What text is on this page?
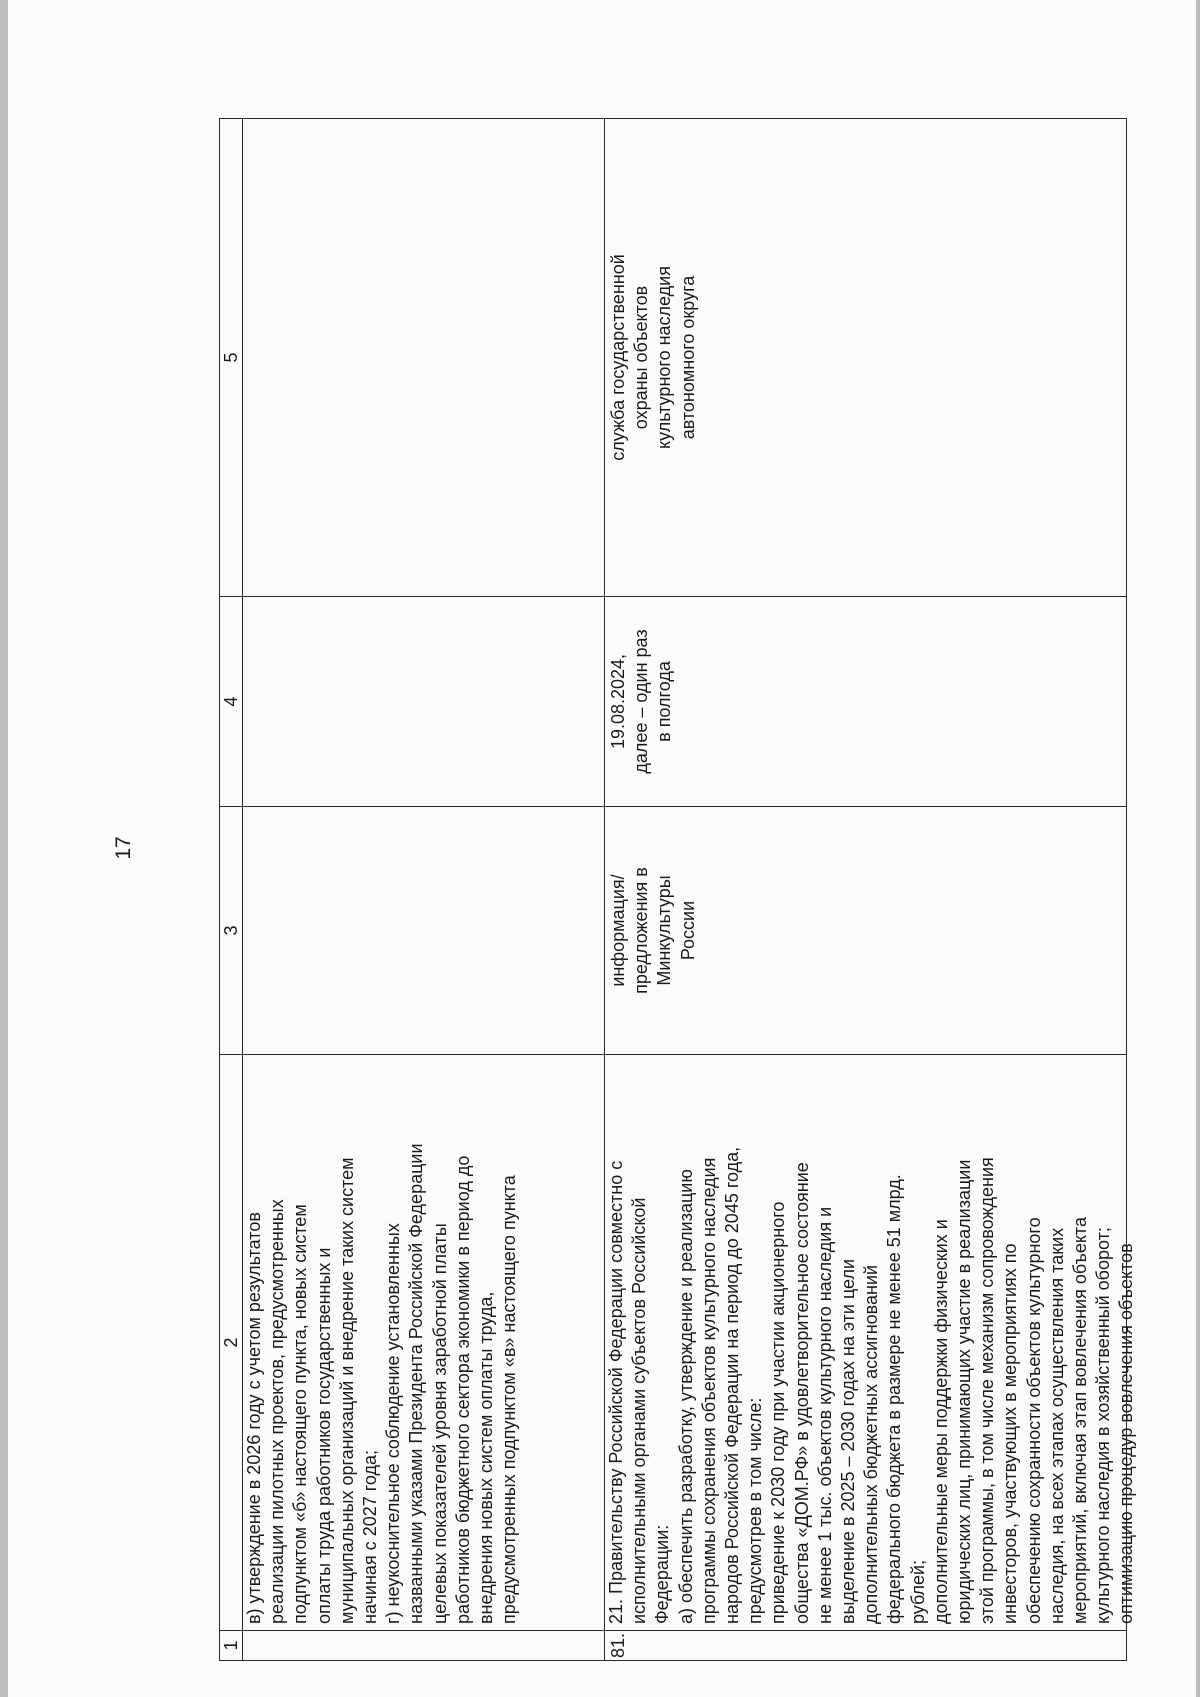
17
1
2
3
4
5
в) утверждение в 2026 году с учетом результатов реализации пилотных проектов, предусмотренных подпунктом «б» настоящего пункта, новых систем оплаты труда работников государственных и муниципальных организаций и внедрение таких систем начиная с 2027 года; г) неукоснительное соблюдение установленных названными указами Президента Российской Федерации целевых показателей уровня заработной платы работников бюджетного сектора экономики в период до внедрения новых систем оплаты труда, предусмотренных подпунктом «в» настоящего пункта
81.
21. Правительству Российской Федерации совместно с исполнительными органами субъектов Российской Федерации: а) обеспечить разработку, утверждение и реализацию программы сохранения объектов культурного наследия народов Российской Федерации на период до 2045 года, предусмотрев в том числе: приведение к 2030 году при участии акционерного общества «ДОМ.РФ» в удовлетворительное состояние не менее 1 тыс. объектов культурного наследия и выделение в 2025 – 2030 годах на эти цели дополнительных бюджетных ассигнований федерального бюджета в размере не менее 51 млрд. рублей; дополнительные меры поддержки физических и юридических лиц, принимающих участие в реализации этой программы, в том числе механизм сопровождения инвесторов, участвующих в мероприятиях по обеспечению сохранности объектов культурного наследия, на всех этапах осуществления таких мероприятий, включая этап вовлечения объекта культурного наследия в хозяйственный оборот; оптимизацию процедур вовлечения объектов
информация/ предложения в Минкультуры России
19.08.2024, далее – один раз в полгода
служба государственной охраны объектов культурного наследия автономного округа
